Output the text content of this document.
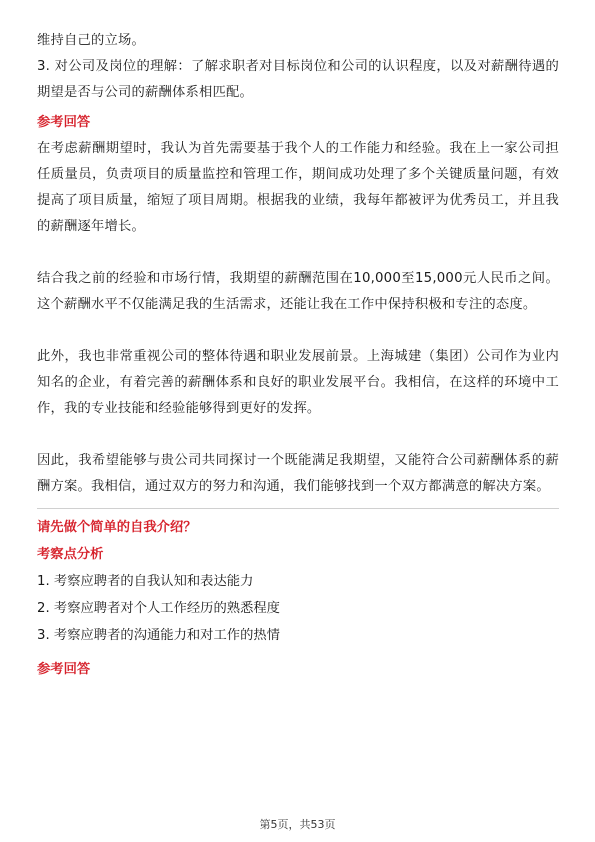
维持自己的立场。

3. 对公司及岗位的理解：了解求职者对目标岗位和公司的认识程度，以及对薪酬待遇的期望是否与公司的薪酬体系相匹配。

参考回答

在考虑薪酬期望时，我认为首先需要基于我个人的工作能力和经验。我在上一家公司担任质量员，负责项目的质量监控和管理工作，期间成功处理了多个关键质量问题，有效提高了项目质量，缩短了项目周期。根据我的业绩，我每年都被评为优秀员工，并且我的薪酬逐年增长。

结合我之前的经验和市场行情，我期望的薪酬范围在10,000至15,000元人民币之间。这个薪酬水平不仅能满足我的生活需求，还能让我在工作中保持积极和专注的态度。

此外，我也非常重视公司的整体待遇和职业发展前景。上海城建（集团）公司作为业内知名的企业，有着完善的薪酬体系和良好的职业发展平台。我相信，在这样的环境中工作，我的专业技能和经验能够得到更好的发挥。

因此，我希望能够与贵公司共同探讨一个既能满足我期望，又能符合公司薪酬体系的薪酬方案。我相信，通过双方的努力和沟通，我们能够找到一个双方都满意的解决方案。

请先做个简单的自我介绍？

考察点分析

1. 考察应聘者的自我认知和表达能力

2. 考察应聘者对个人工作经历的熟悉程度

3. 考察应聘者的沟通能力和对工作的热情

参考回答

第5页，共53页
